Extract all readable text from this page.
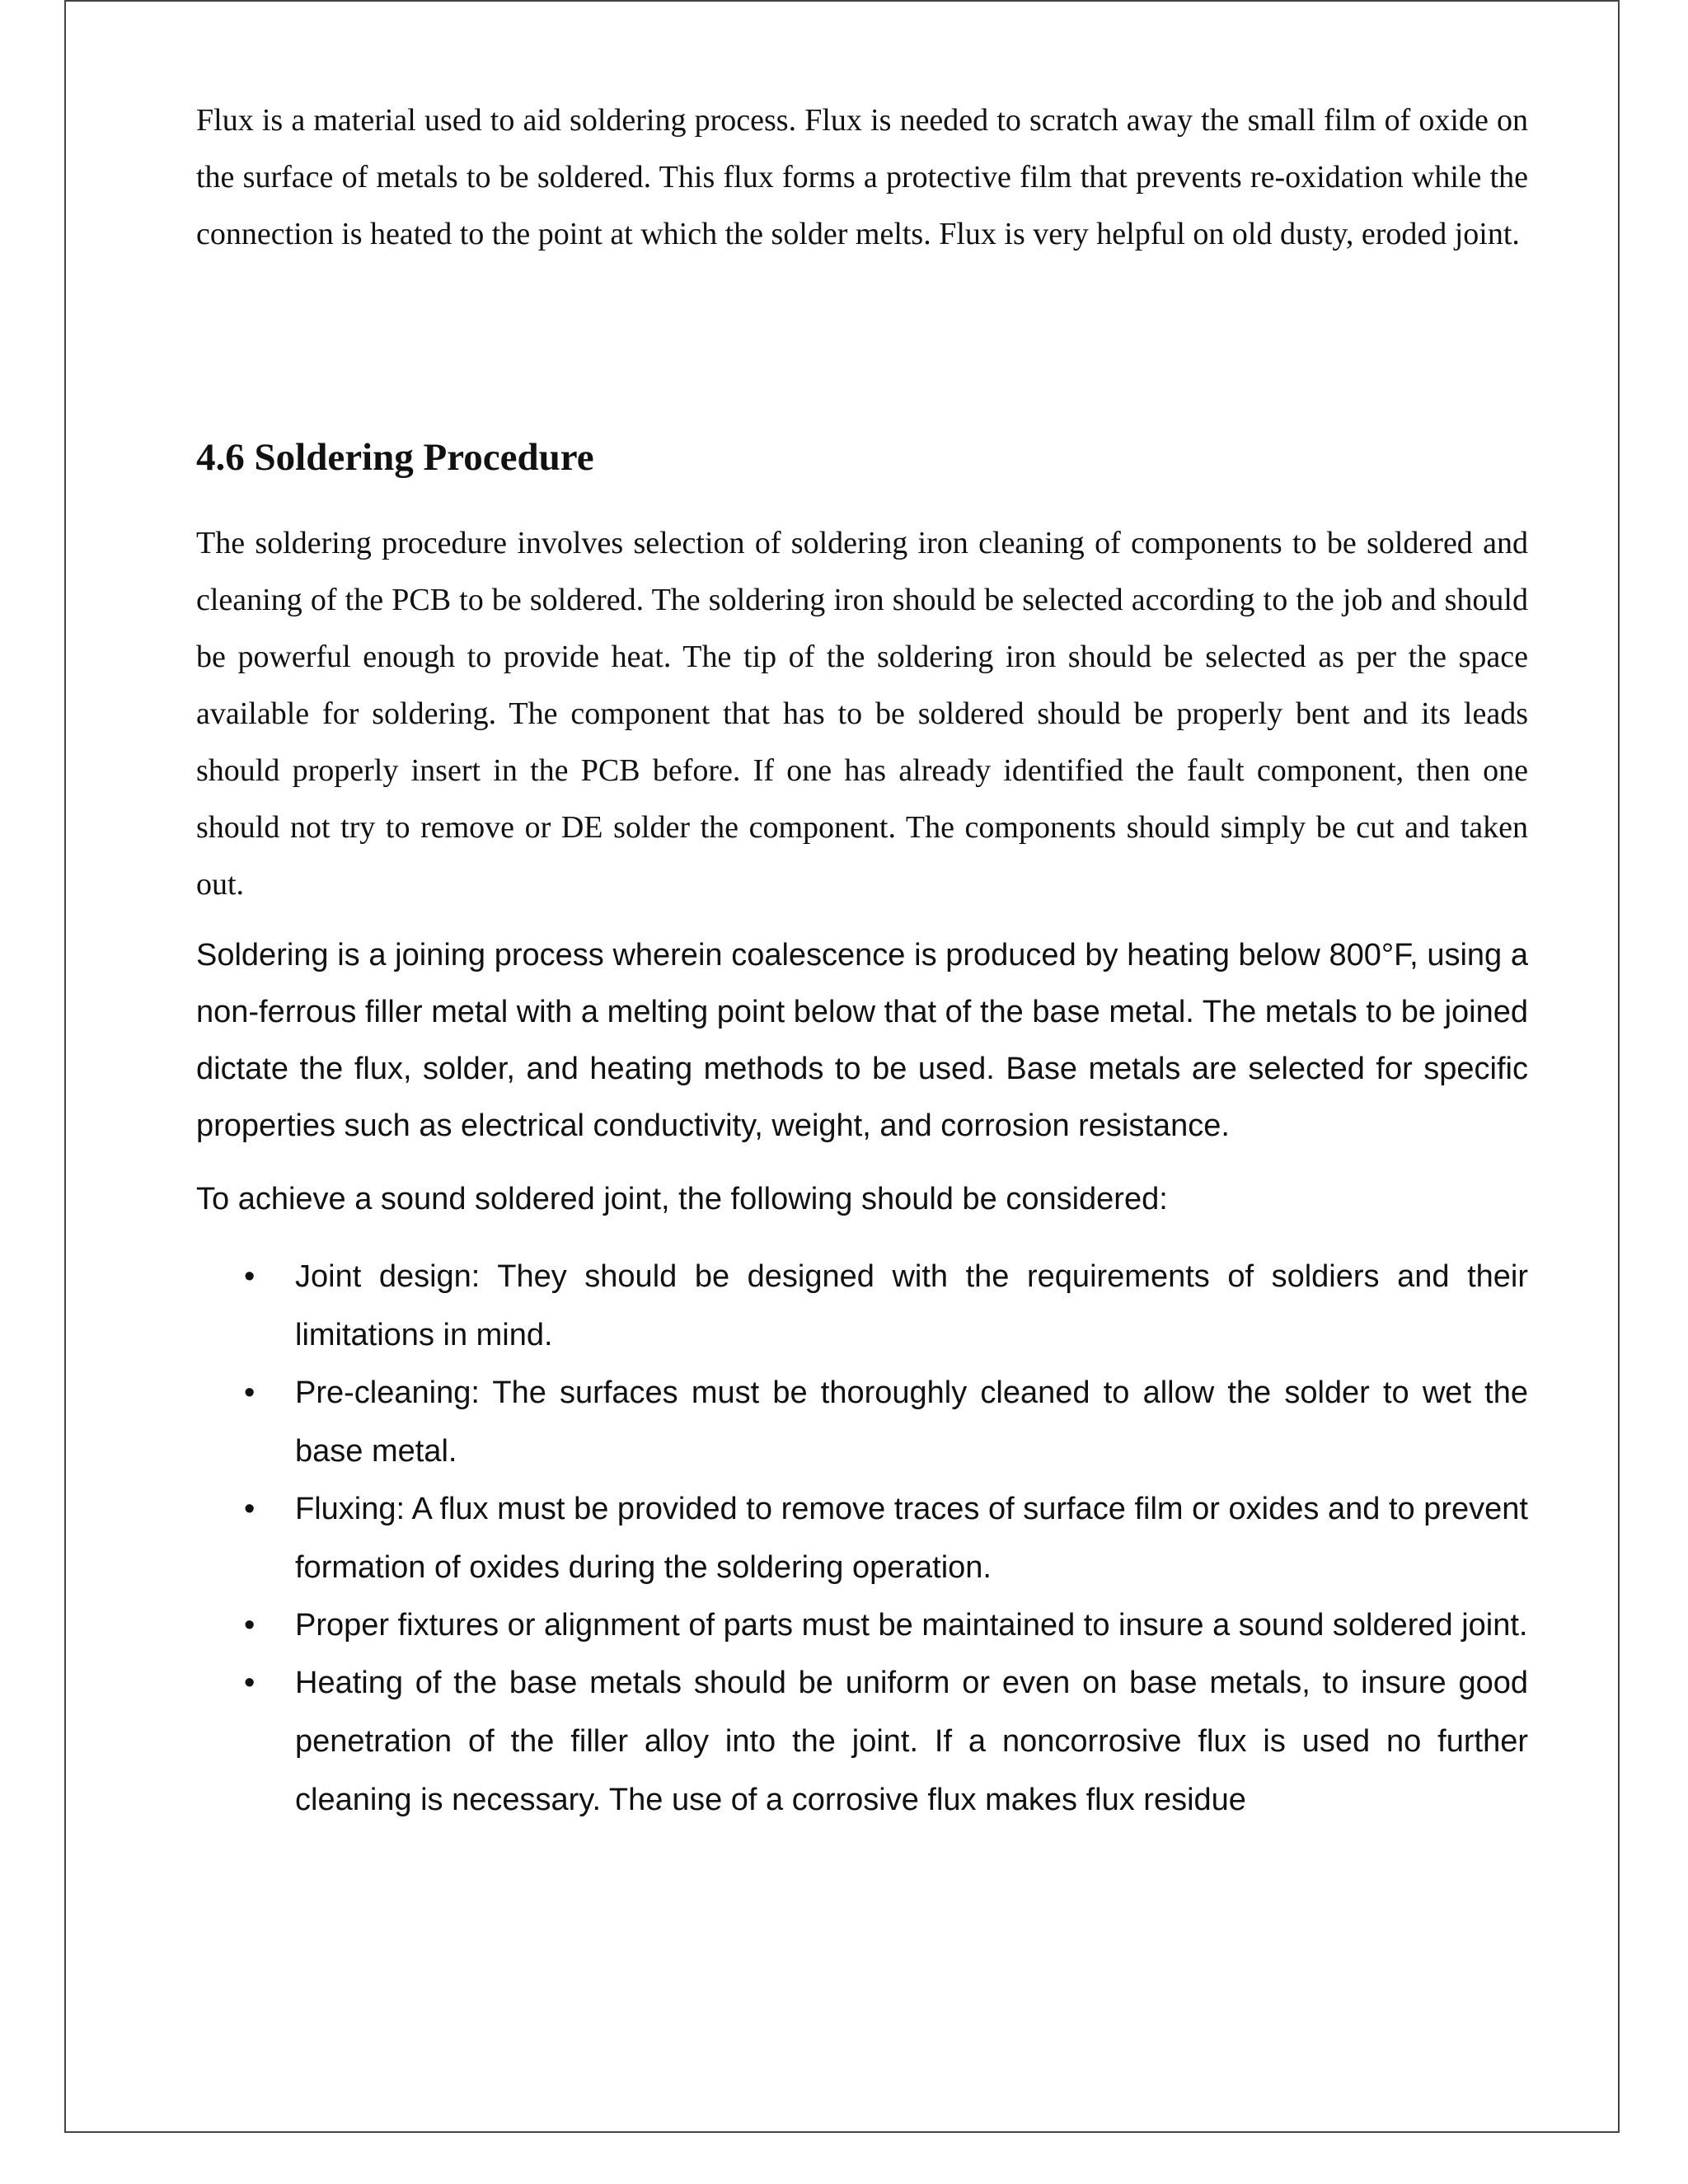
Flux is a material used to aid soldering process. Flux is needed to scratch away the small film of oxide on the surface of metals to be soldered. This flux forms a protective film that prevents re-oxidation while the connection is heated to the point at which the solder melts. Flux is very helpful on old dusty, eroded joint.

4.6 Soldering Procedure

The soldering procedure involves selection of soldering iron cleaning of components to be soldered and cleaning of the PCB to be soldered. The soldering iron should be selected according to the job and should be powerful enough to provide heat. The tip of the soldering iron should be selected as per the space available for soldering. The component that has to be soldered should be properly bent and its leads should properly insert in the PCB before. If one has already identified the fault component, then one should not try to remove or DE solder the component. The components should simply be cut and taken out.

Soldering is a joining process wherein coalescence is produced by heating below 800°F, using a non-ferrous filler metal with a melting point below that of the base metal. The metals to be joined dictate the flux, solder, and heating methods to be used. Base metals are selected for specific properties such as electrical conductivity, weight, and corrosion resistance.

To achieve a sound soldered joint, the following should be considered:

• Joint design: They should be designed with the requirements of soldiers and their limitations in mind.
• Pre-cleaning: The surfaces must be thoroughly cleaned to allow the solder to wet the base metal.
• Fluxing: A flux must be provided to remove traces of surface film or oxides and to prevent formation of oxides during the soldering operation.
• Proper fixtures or alignment of parts must be maintained to insure a sound soldered joint.
• Heating of the base metals should be uniform or even on base metals, to insure good penetration of the filler alloy into the joint. If a noncorrosive flux is used no further cleaning is necessary. The use of a corrosive flux makes flux residue
